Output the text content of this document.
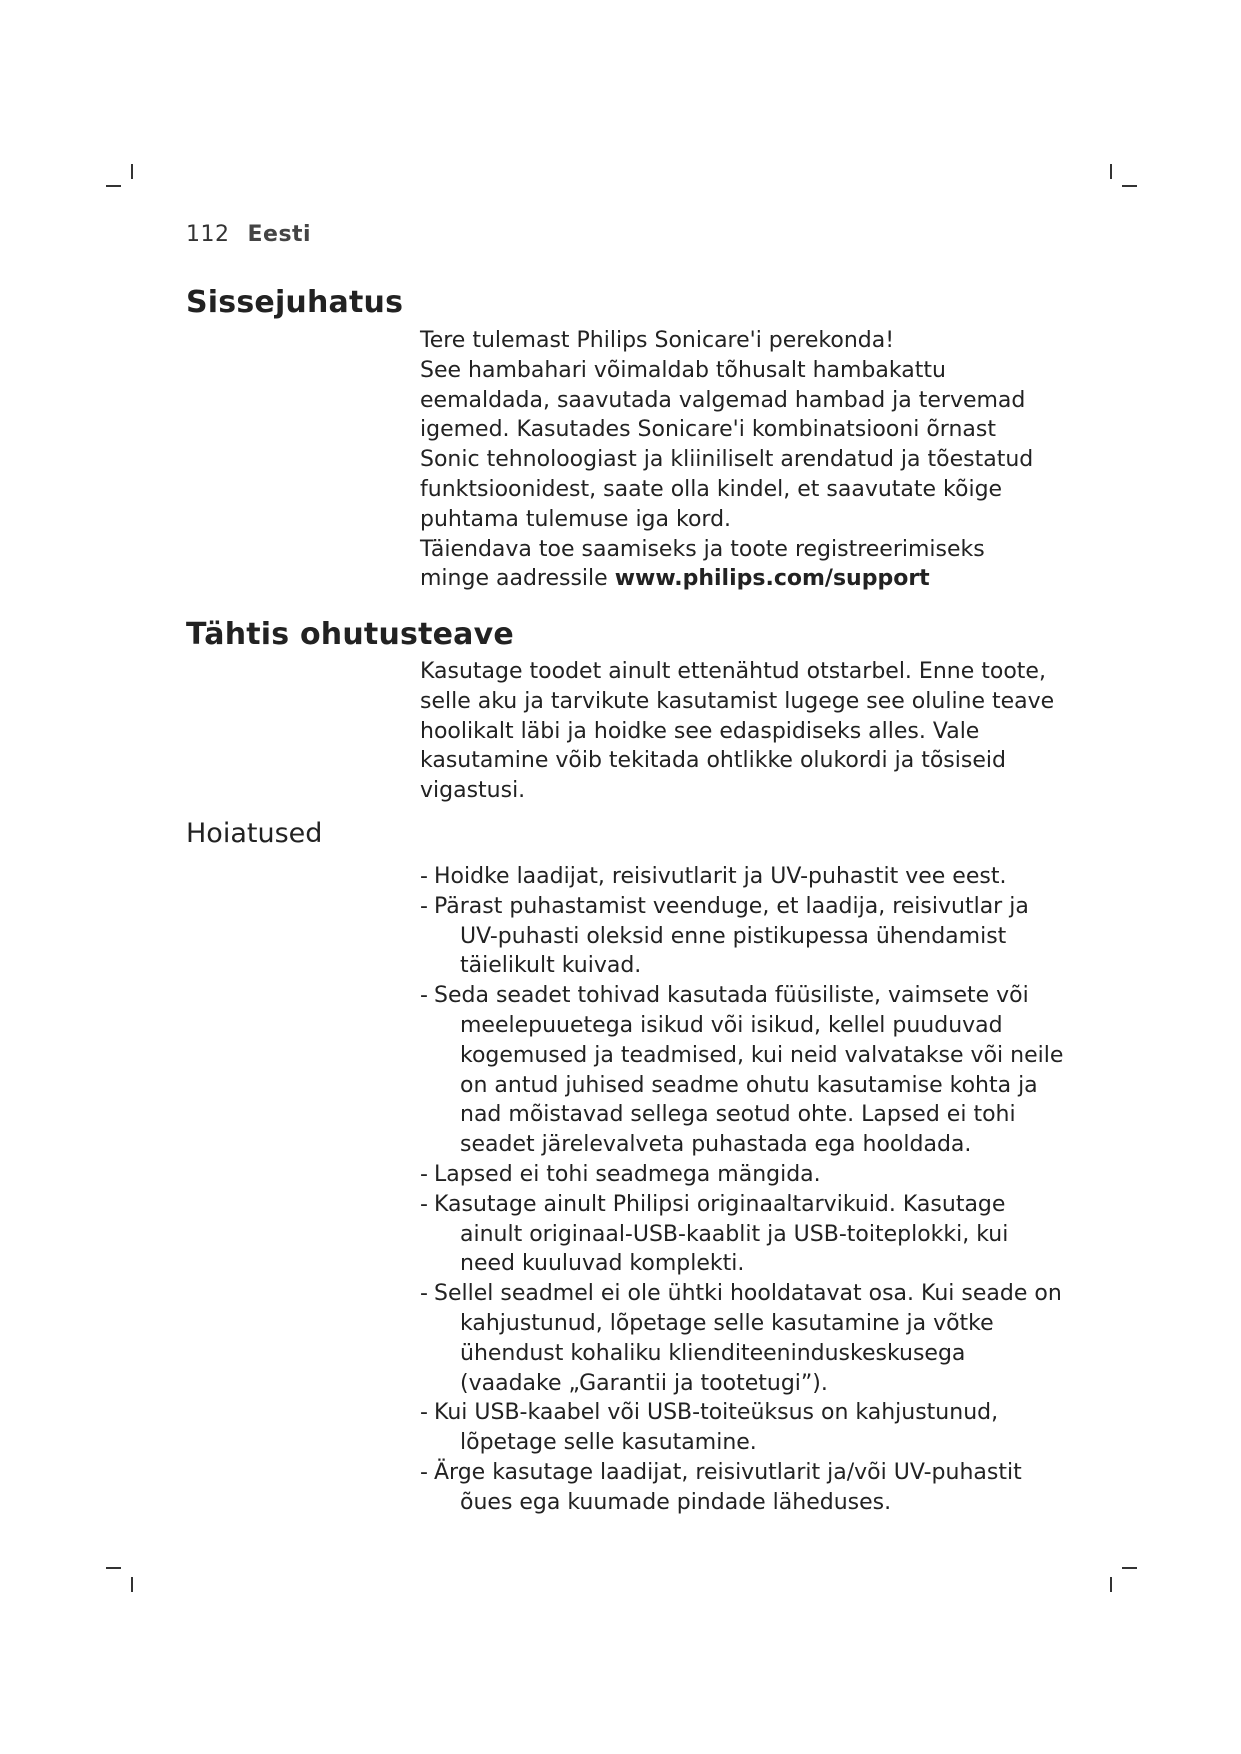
112 Eesti
Sissejuhatus

Tere tulemast Philips Sonicare'i perekonda!

See hambahari võimaldab tõhusalt hambakattu eemaldada, saavutada valgemad hambad ja tervemad igemed. Kasutades Sonicare'i kombinatsiooni õrnast Sonic tehnoloogiast ja kliiniliselt arendatud ja tõestatud funktsioonidest, saate olla kindel, et saavutate kõige puhtama tulemuse iga kord.

Täiendava toe saamiseks ja toote registreerimiseks minge aadressile www.philips.com/support

Tähtis ohutusteave

Kasutage toodet ainult ettenähtud otstarbel. Enne toote, selle aku ja tarvikute kasutamist lugege see oluline teave hoolikalt läbi ja hoidke see edaspidiseks alles. Vale kasutamine võib tekitada ohtlikke olukordi ja tõsiseid vigastusi.

Hoiatused
- Hoidke laadijat, reisivutlarit ja UV-puhastit vee eest.
- Pärast puhastamist veenduge, et laadija, reisivutlar ja UV-puhasti oleksid enne pistikupessa ühendamist täielikult kuivad.
- Seda seadet tohivad kasutada füüsiliste, vaimsete või meelepuuetega isikud või isikud, kellel puuduvad kogemused ja teadmised, kui neid valvatakse või neile on antud juhised seadme ohutu kasutamise kohta ja nad mõistavad sellega seotud ohte. Lapsed ei tohi seadet järelevalveta puhastada ega hooldada.
- Lapsed ei tohi seadmega mängida.
- Kasutage ainult Philipsi originaaltarvikuid. Kasutage ainult originaal-USB-kaablit ja USB-toiteplokki, kui need kuuluvad komplekti.
- Sellel seadmel ei ole ühtki hooldatavat osa. Kui seade on kahjustunud, lõpetage selle kasutamine ja võtke ühendust kohaliku klienditeeninduskeskusega (vaadake „Garantii ja tootetugi”).
- Kui USB-kaabel või USB-toiteüksus on kahjustunud, lõpetage selle kasutamine.
- Ärge kasutage laadijat, reisivutlarit ja/või UV-puhastit õues ega kuumade pindade läheduses.
